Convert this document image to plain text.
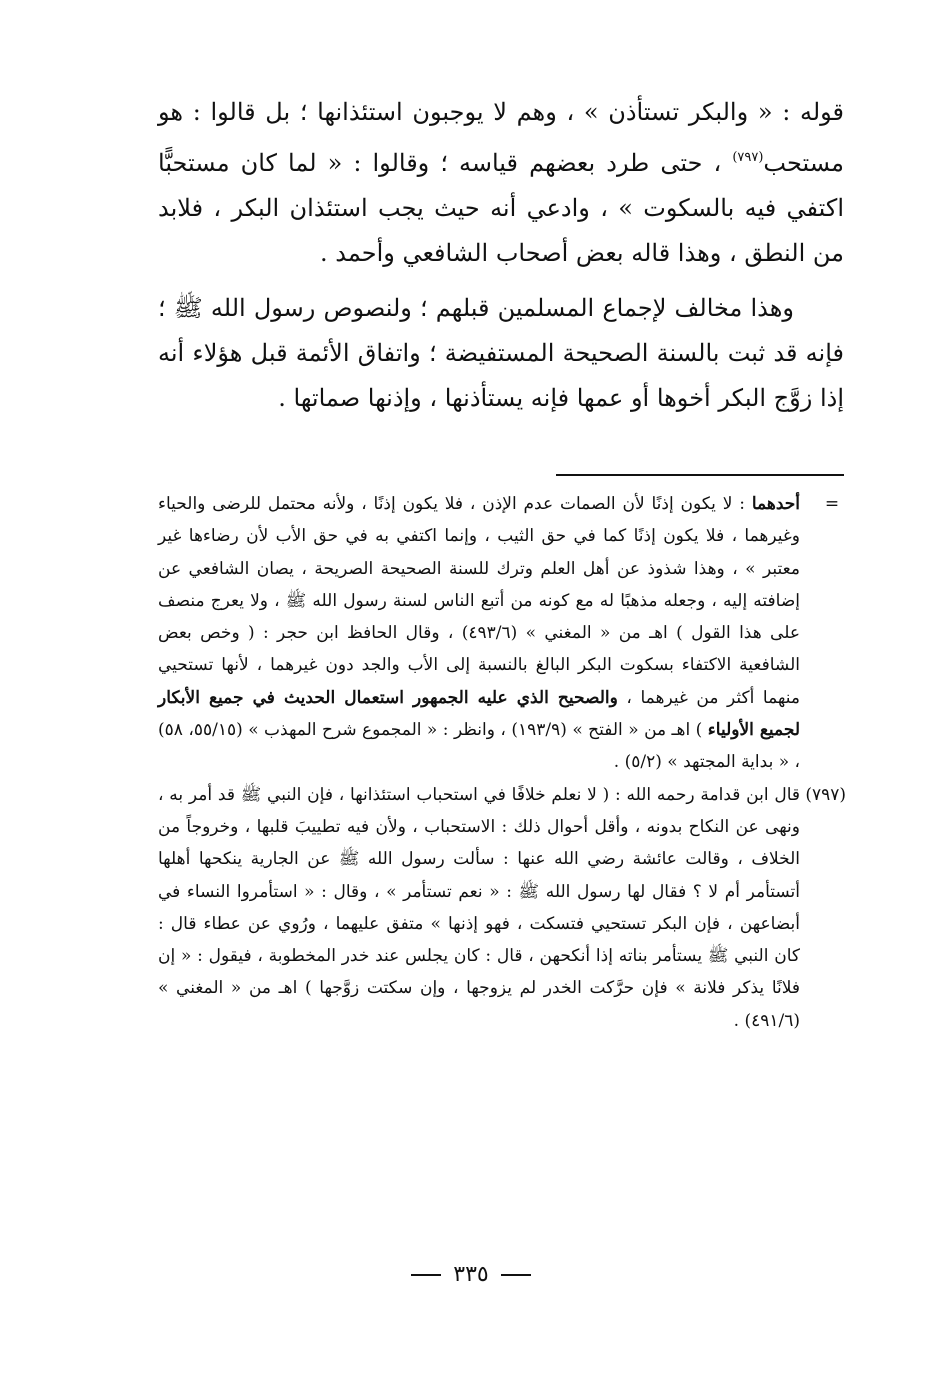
قوله : « والبكر تستأذن » ، وهم لا يوجبون استئذانها ؛ بل قالوا : هو مستحب$^{(٧٩٧)}$ ، حتى طرد بعضهم قياسه ؛ وقالوا : « لما كان مستحبًّا اكتفي فيه بالسكوت » ، وادعي أنه حيث يجب استئذان البكر ، فلابد من النطق ، وهذا قاله بعض أصحاب الشافعي وأحمد .

وهذا مخالف لإجماع المسلمين قبلهم ؛ ولنصوص رسول الله ﷺ ؛ فإنه قد ثبت بالسنة الصحيحة المستفيضة ؛ واتفاق الأئمة قبل هؤلاء أنه إذا زوَّج البكر أخوها أو عمها فإنه يستأذنها ، وإذنها صماتها .

=
أحدهما : لا يكون إذنًا لأن الصمات عدم الإذن ، فلا يكون إذنًا ، ولأنه محتمل للرضى والحياء وغيرهما ، فلا يكون إذنًا كما في حق الثيب ، وإنما اكتفي به في حق الأب لأن رضاءها غير معتبر » ، وهذا شذوذ عن أهل العلم وترك للسنة الصحيحة الصريحة ، يصان الشافعي عن إضافته إليه ، وجعله مذهبًا له مع كونه من أتبع الناس لسنة رسول الله ﷺ ، ولا يعرج منصف على هذا القول ) اهـ من « المغني » (٤٩٣/٦) ، وقال الحافظ ابن حجر : ( وخص بعض الشافعية الاكتفاء بسكوت البكر البالغ بالنسبة إلى الأب والجد دون غيرهما ، لأنها تستحيي منهما أكثر من غيرهما ، والصحيح الذي عليه الجمهور استعمال الحديث في جميع الأبكار لجميع الأولياء ) اهـ من « الفتح » (١٩٣/٩) ، وانظر : « المجموع شرح المهذب » (٥٥/١٥، ٥٨) ، « بداية المجتهد » (٥/٢) .

(٧٩٧)
قال ابن قدامة رحمه الله : ( لا نعلم خلافًا في استحباب استئذانها ، فإن النبي ﷺ قد أمر به ، ونهى عن النكاح بدونه ، وأقل أحوال ذلك : الاستحباب ، ولأن فيه تطييبَ قلبها ، وخروجاً من الخلاف ، وقالت عائشة رضي الله عنها : سألت رسول الله ﷺ عن الجارية ينكحها أهلها أتستأمر أم لا ؟ فقال لها رسول الله ﷺ : « نعم تستأمر » ، وقال : « استأمروا النساء في أبضاعهن ، فإن البكر تستحيي فتسكت ، فهو إذنها » متفق عليهما ، ورُوي عن عطاء قال : كان النبي ﷺ يستأمر بناته إذا أنكحهن ، قال : كان يجلس عند خدر المخطوبة ، فيقول : « إن فلانًا يذكر فلانة » فإن حرَّكت الخدر لم يزوجها ، وإن سكتت زوَّجها ) اهـ من « المغني » (٤٩١/٦) .

٣٣٥
